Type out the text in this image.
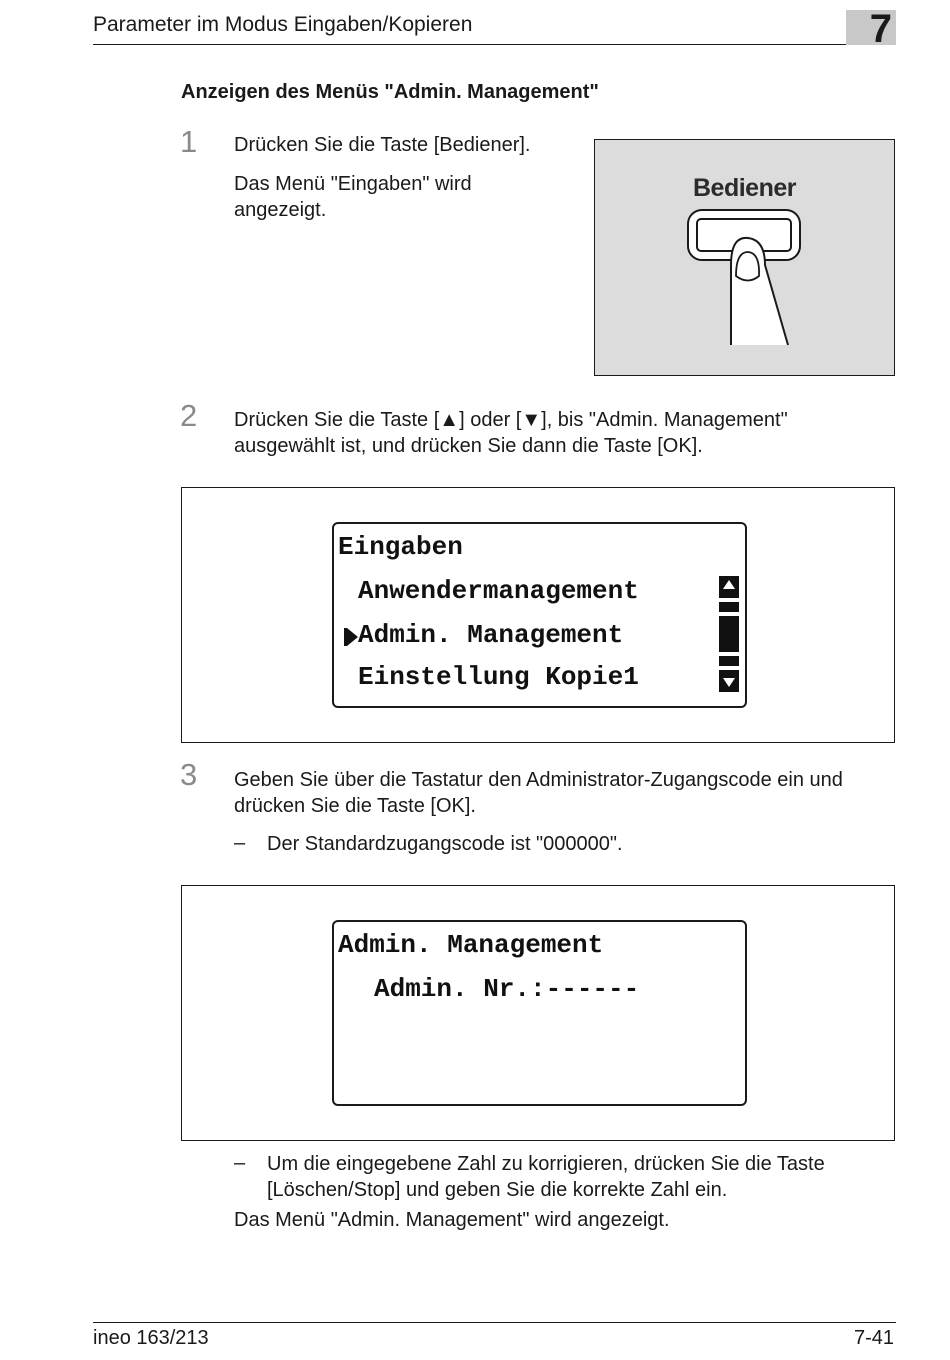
Parameter im Modus Eingaben/Kopieren	7
Anzeigen des Menüs "Admin. Management"
1 Drücken Sie die Taste [Bediener].
Das Menü "Eingaben" wird
angezeigt.
Bediener
2 Drücken Sie die Taste [▲] oder [▼], bis "Admin. Management"
ausgewählt ist, und drücken Sie dann die Taste [OK].
Eingaben
Anwendermanagement
Admin. Management
Einstellung Kopie1
3 Geben Sie über die Tastatur den Administrator-Zugangscode ein und
drücken Sie die Taste [OK].
– Der Standardzugangscode ist "000000".
Admin. Management
Admin. Nr.:------
– Um die eingegebene Zahl zu korrigieren, drücken Sie die Taste
[Löschen/Stop] und geben Sie die korrekte Zahl ein.
Das Menü "Admin. Management" wird angezeigt.
ineo 163/213	7-41
